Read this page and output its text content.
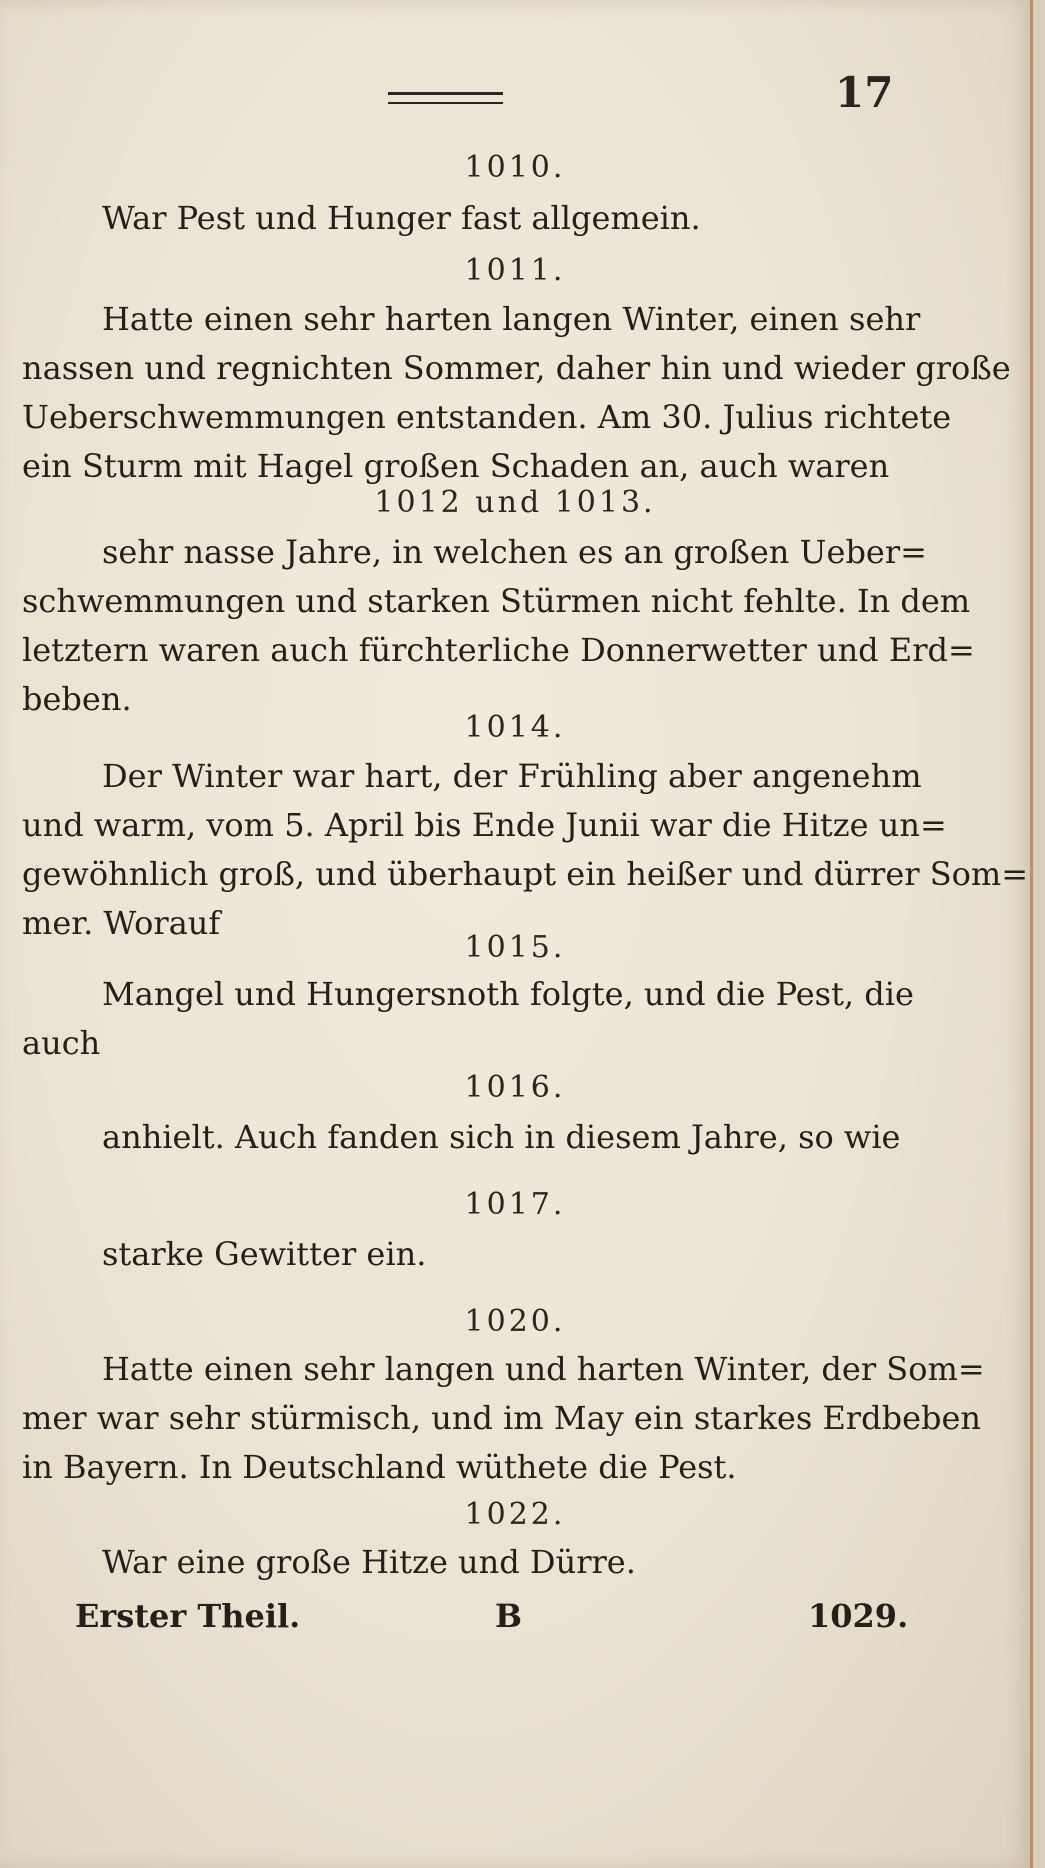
17
1010.
War Pest und Hunger fast allgemein.
1011.
Hatte einen sehr harten langen Winter, einen sehr
nassen und regnichten Sommer, daher hin und wieder große
Ueberschwemmungen entstanden. Am 30. Julius richtete
ein Sturm mit Hagel großen Schaden an, auch waren
1012 und 1013.
sehr nasse Jahre, in welchen es an großen Ueber=
schwemmungen und starken Stürmen nicht fehlte. In dem
letztern waren auch fürchterliche Donnerwetter und Erd=
beben.
1014.
Der Winter war hart, der Frühling aber angenehm
und warm, vom 5. April bis Ende Junii war die Hitze un=
gewöhnlich groß, und überhaupt ein heißer und dürrer Som=
mer. Worauf
1015.
Mangel und Hungersnoth folgte, und die Pest, die
auch
1016.
anhielt. Auch fanden sich in diesem Jahre, so wie
1017.
starke Gewitter ein.
1020.
Hatte einen sehr langen und harten Winter, der Som=
mer war sehr stürmisch, und im May ein starkes Erdbeben
in Bayern. In Deutschland wüthete die Pest.
1022.
War eine große Hitze und Dürre.
Erster Theil.	B	1029.
